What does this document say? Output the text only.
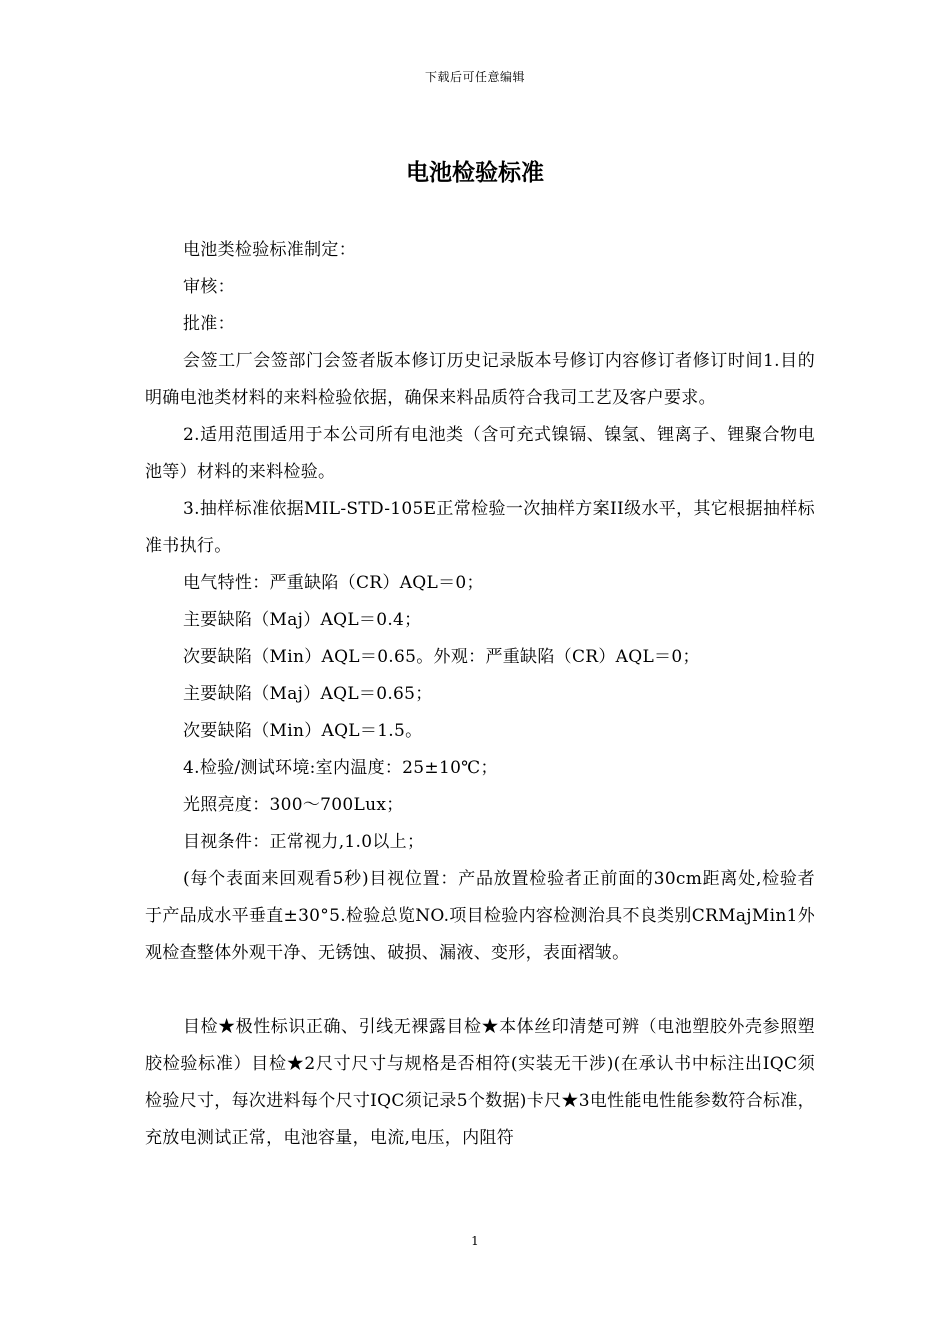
下载后可任意编辑
电池检验标准

电池类检验标准制定：

审核：

批准：

会签工厂会签部门会签者版本修订历史记录版本号修订内容修订者修订时间1.目的明确电池类材料的来料检验依据，确保来料品质符合我司工艺及客户要求。

2.适用范围适用于本公司所有电池类（含可充式镍镉、镍氢、锂离子、锂聚合物电池等）材料的来料检验。

3.抽样标准依据MIL-STD-105E正常检验一次抽样方案II级水平，其它根据抽样标准书执行。

电气特性：严重缺陷（CR）AQL＝0；

主要缺陷（Maj）AQL＝0.4；

次要缺陷（Min）AQL＝0.65。外观：严重缺陷（CR）AQL＝0；

主要缺陷（Maj）AQL＝0.65；

次要缺陷（Min）AQL＝1.5。

4.检验/测试环境:室内温度：25±10℃；

光照亮度：300～700Lux；

目视条件：正常视力,1.0以上；

(每个表面来回观看5秒)目视位置：产品放置检验者正前面的30cm距离处,检验者于产品成水平垂直±30°5.检验总览NO.项目检验内容检测治具不良类别CRMajMin1外观检查整体外观干净、无锈蚀、破损、漏液、变形，表面褶皱。

目检★极性标识正确、引线无裸露目检★本体丝印清楚可辨（电池塑胶外壳参照塑胶检验标准）目检★2尺寸尺寸与规格是否相符(实装无干涉)(在承认书中标注出IQC须检验尺寸，每次进料每个尺寸IQC须记录5个数据)卡尺★3电性能电性能参数符合标准，充放电测试正常，电池容量，电流,电压，内阻符

1
